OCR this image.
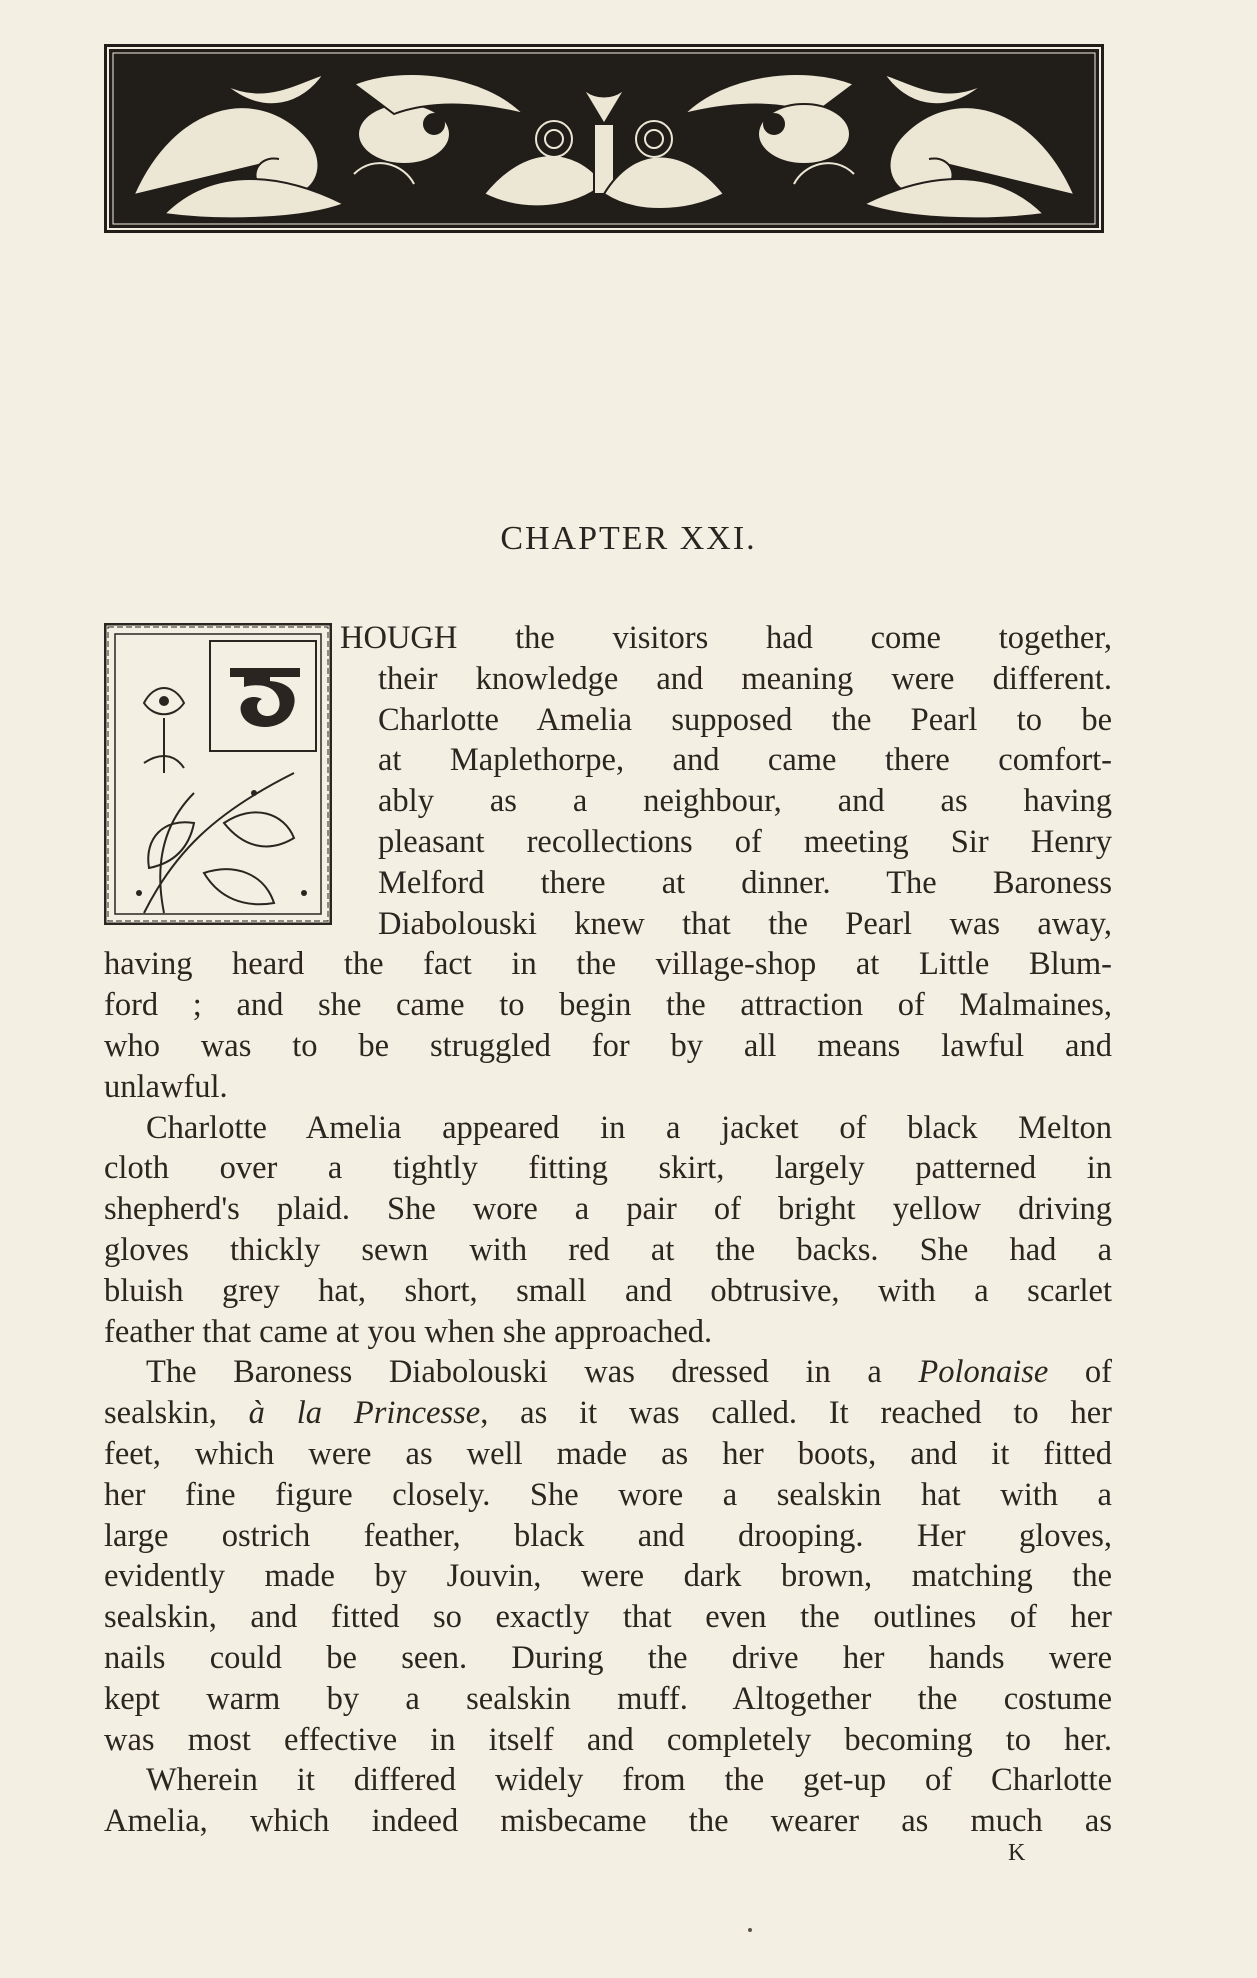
CHAPTER XXI.
HOUGH the visitors had come together,
their knowledge and meaning were different.
Charlotte Amelia supposed the Pearl to be
at Maplethorpe, and came there comfort-
ably as a neighbour, and as having
pleasant recollections of meeting Sir Henry
Melford there at dinner. The Baroness
Diabolouski knew that the Pearl was away,
having heard the fact in the village-shop at Little Blum-
ford ; and she came to begin the attraction of Malmaines,
who was to be struggled for by all means lawful and
unlawful.
Charlotte Amelia appeared in a jacket of black Melton
cloth over a tightly fitting skirt, largely patterned in
shepherd's plaid. She wore a pair of bright yellow driving
gloves thickly sewn with red at the backs. She had a
bluish grey hat, short, small and obtrusive, with a scarlet
feather that came at you when she approached.
The Baroness Diabolouski was dressed in a Polonaise of
sealskin, à la Princesse, as it was called. It reached to her
feet, which were as well made as her boots, and it fitted
her fine figure closely. She wore a sealskin hat with a
large ostrich feather, black and drooping. Her gloves,
evidently made by Jouvin, were dark brown, matching the
sealskin, and fitted so exactly that even the outlines of her
nails could be seen. During the drive her hands were
kept warm by a sealskin muff. Altogether the costume
was most effective in itself and completely becoming to her.
Wherein it differed widely from the get-up of Charlotte
Amelia, which indeed misbecame the wearer as much as
K
